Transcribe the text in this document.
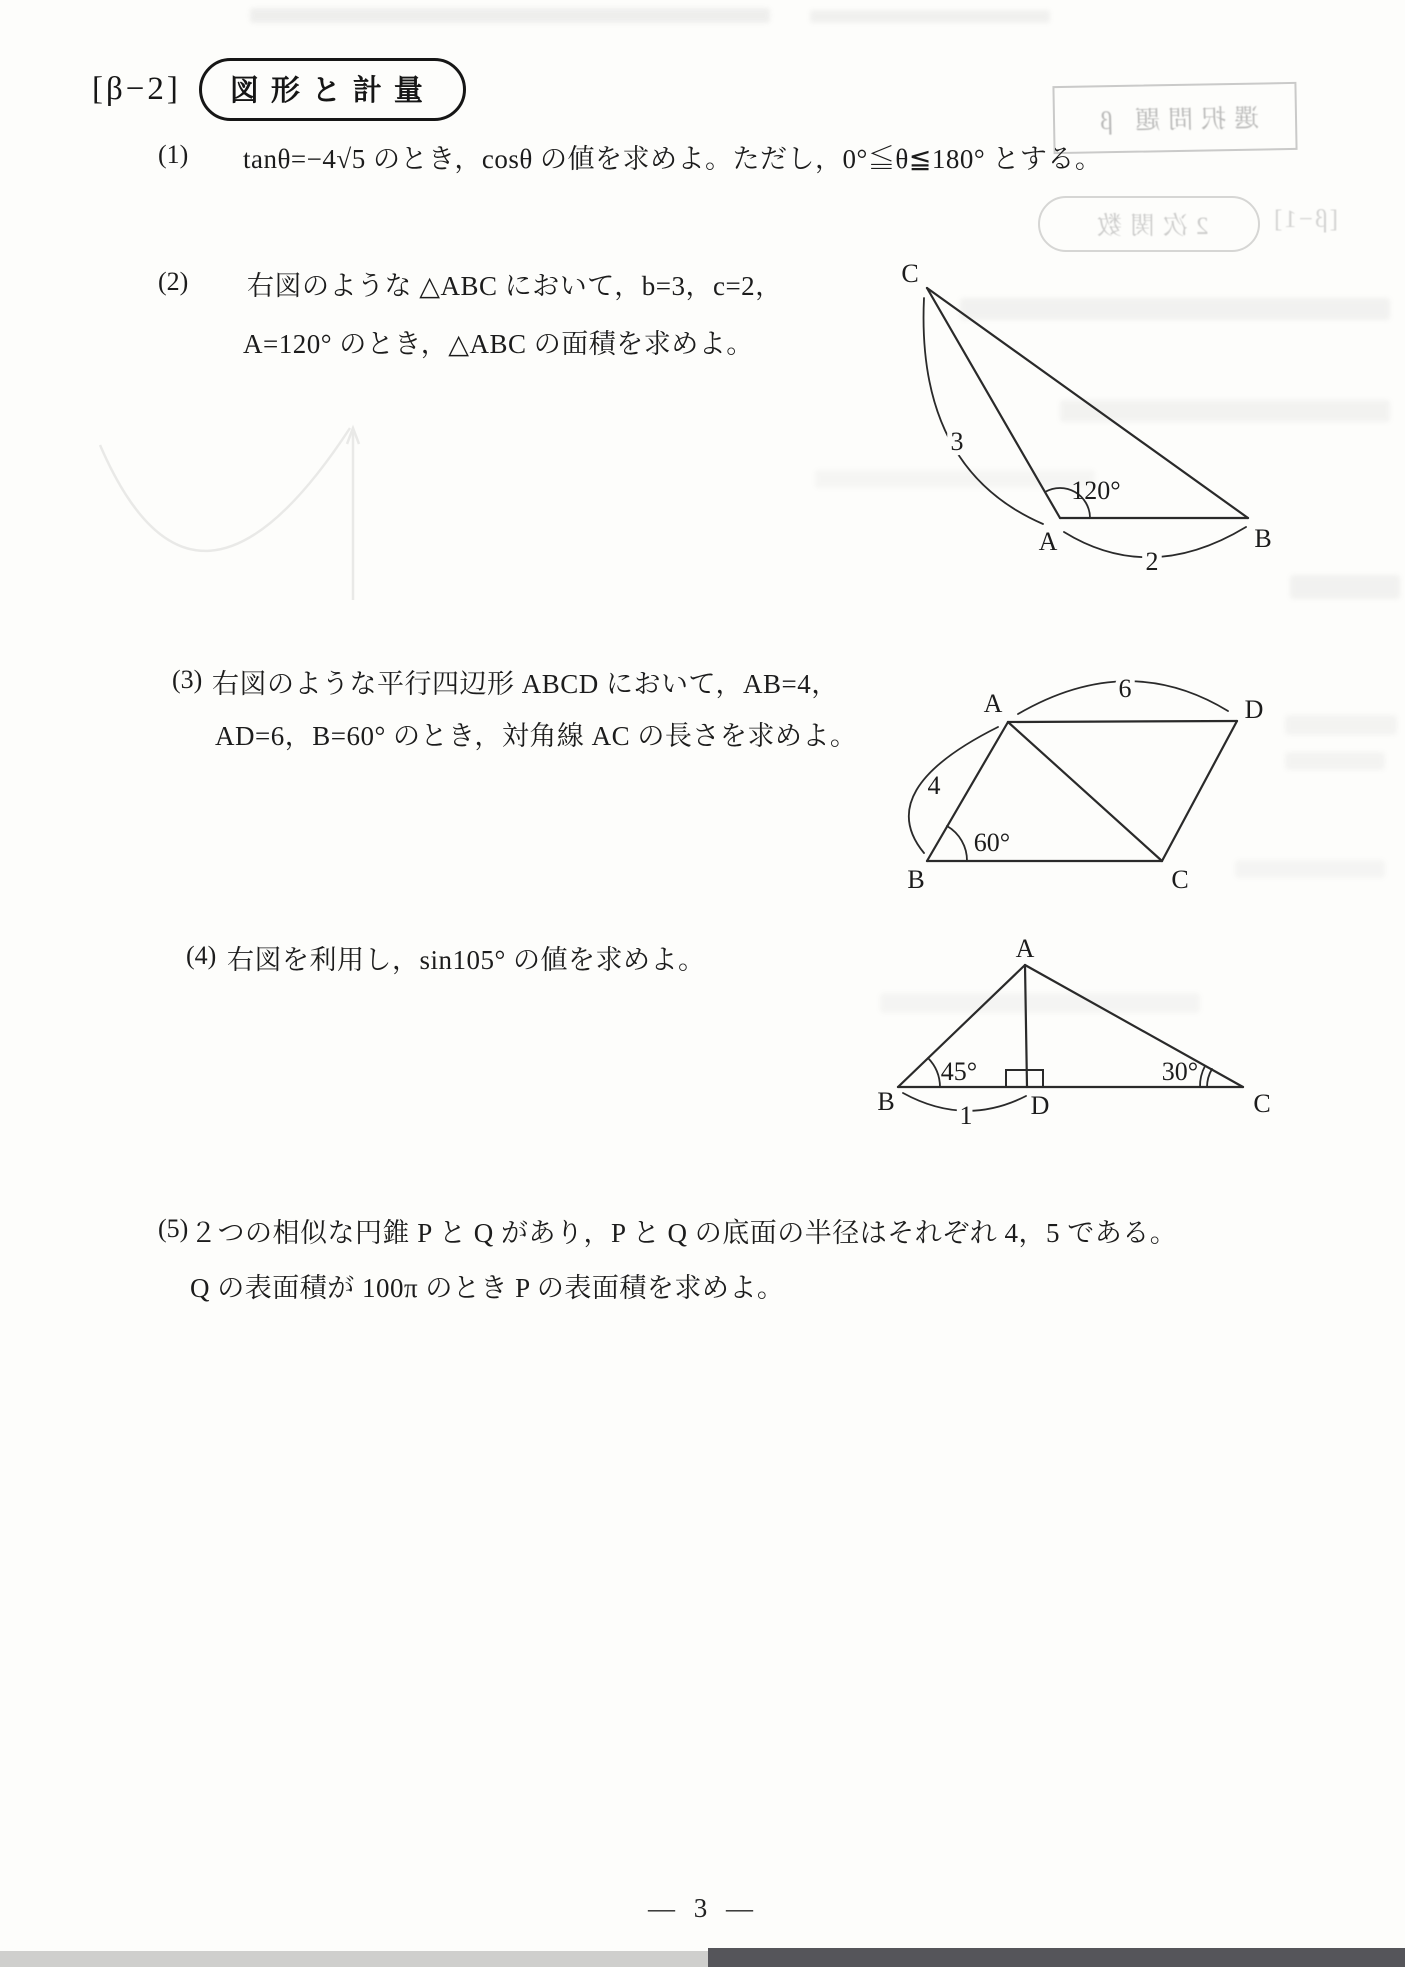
選択問題 β
2次関数	[β−1]
[β−2]	図形と計量
(1) tanθ=−4√5 のとき，cosθ の値を求めよ。ただし，0°≦θ≦180° とする。
(2) 右図のような △ABC において，b=3，c=2，
A=120° のとき，△ABC の面積を求めよ。
C
A	B
3
2
120°
(3) 右図のような平行四辺形 ABCD において，AB=4，
AD=6，B=60° のとき，対角線 AC の長さを求めよ。
A	D
B	C
6
4
60°
(4) 右図を利用し，sin105° の値を求めよ。	A
B	D	C
45°	30°
1
(5) ２つの相似な円錐 P と Q があり，P と Q の底面の半径はそれぞれ 4，5 である。
Q の表面積が 100π のとき P の表面積を求めよ。
— 3 —
